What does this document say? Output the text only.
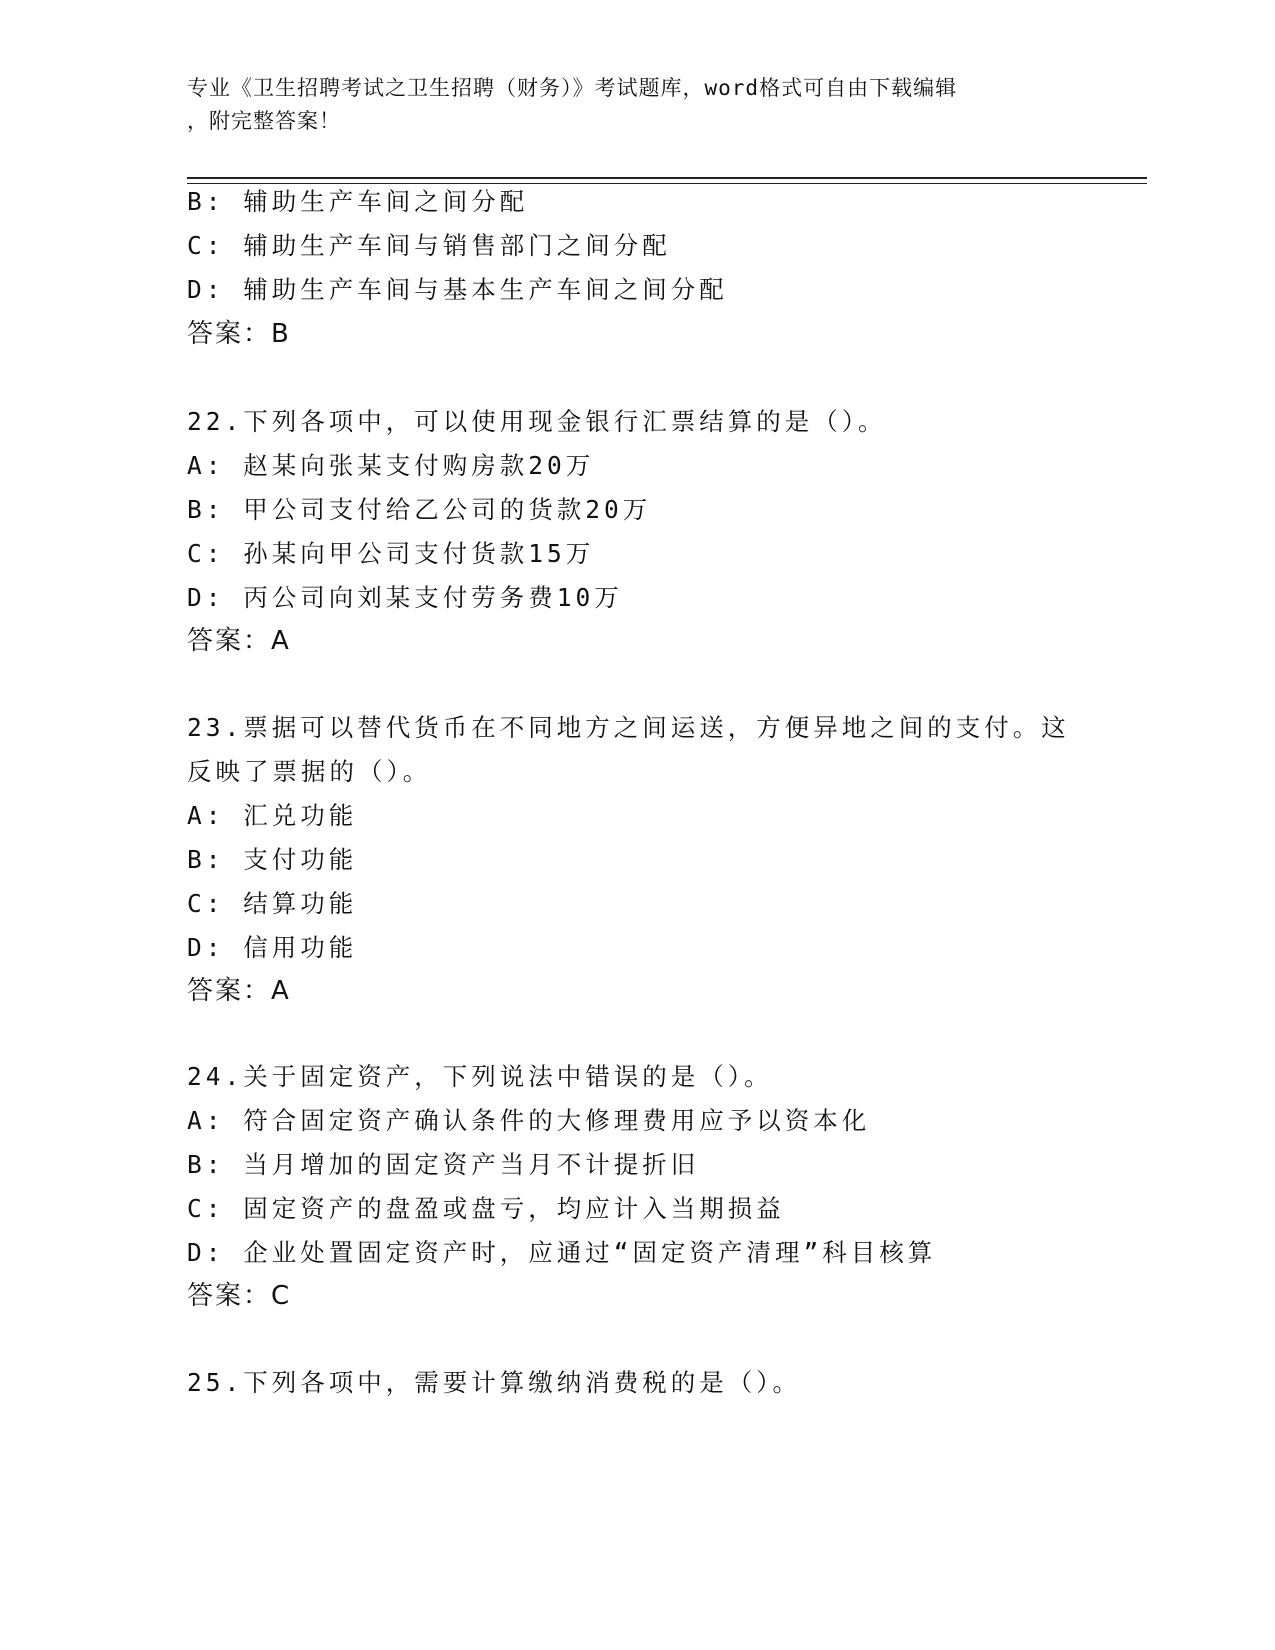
专业《卫生招聘考试之卫生招聘（财务）》考试题库，word格式可自由下载编辑
，附完整答案！
B: 辅助生产车间之间分配
C: 辅助生产车间与销售部门之间分配
D: 辅助生产车间与基本生产车间之间分配
答案：B
22.下列各项中，可以使用现金银行汇票结算的是（）。
A: 赵某向张某支付购房款20万
B: 甲公司支付给乙公司的货款20万
C: 孙某向甲公司支付货款15万
D: 丙公司向刘某支付劳务费10万
答案：A
23.票据可以替代货币在不同地方之间运送，方便异地之间的支付。这
反映了票据的（）。
A: 汇兑功能
B: 支付功能
C: 结算功能
D: 信用功能
答案：A
24.关于固定资产，下列说法中错误的是（）。
A: 符合固定资产确认条件的大修理费用应予以资本化
B: 当月增加的固定资产当月不计提折旧
C: 固定资产的盘盈或盘亏，均应计入当期损益
D: 企业处置固定资产时，应通过“固定资产清理”科目核算
答案：C
25.下列各项中，需要计算缴纳消费税的是（）。
